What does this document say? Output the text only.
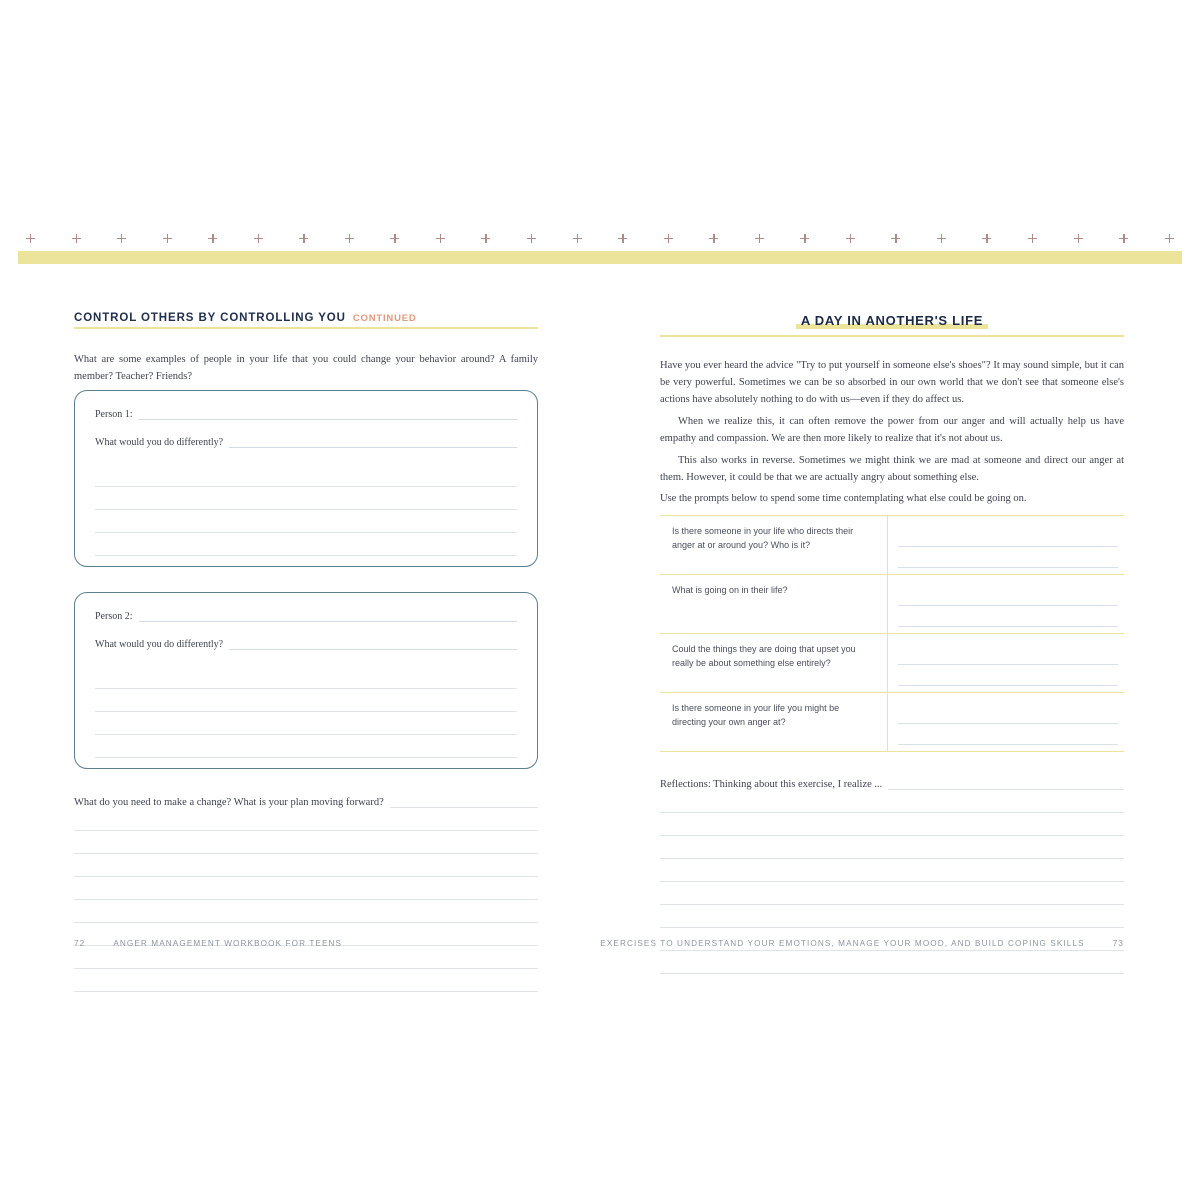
CONTROL OTHERS BY CONTROLLING YOU CONTINUED

What are some examples of people in your life that you could change your behavior around? A family member? Teacher? Friends?

Person 1:
What would you do differently?
Person 2:
What would you do differently?
What do you need to make a change? What is your plan moving forward?
72	ANGER MANAGEMENT WORKBOOK FOR TEENS
A DAY IN ANOTHER'S LIFE

Have you ever heard the advice "Try to put yourself in someone else's shoes"? It may sound simple, but it can be very powerful. Sometimes we can be so absorbed in our own world that we don't see that someone else's actions have absolutely nothing to do with us—even if they do affect us.

When we realize this, it can often remove the power from our anger and will actually help us have empathy and compassion. We are then more likely to realize that it's not about us.

This also works in reverse. Sometimes we might think we are mad at someone and direct our anger at them. However, it could be that we are actually angry about something else.

Use the prompts below to spend some time contemplating what else could be going on.

Is there someone in your life who directs their anger at or around you? Who is it?
What is going on in their life?
Could the things they are doing that upset you really be about something else entirely?
Is there someone in your life you might be directing your own anger at?
Reflections: Thinking about this exercise, I realize ...
EXERCISES TO UNDERSTAND YOUR EMOTIONS, MANAGE YOUR MOOD, AND BUILD COPING SKILLS	73
